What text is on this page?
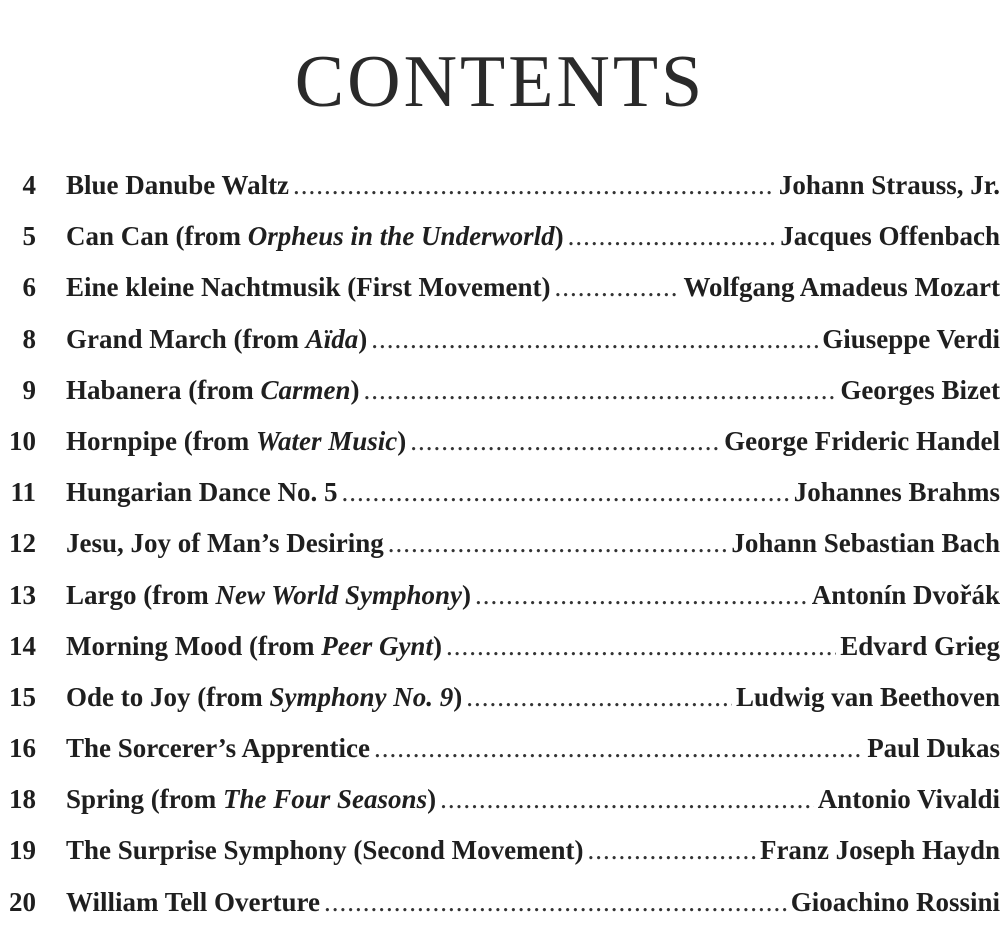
CONTENTS
4 Blue Danube Waltz .....	Johann Strauss, Jr.
5 Can Can (from Orpheus in the Underworld) .....	Jacques Offenbach
6 Eine kleine Nachtmusik (First Movement) .....	Wolfgang Amadeus Mozart
8 Grand March (from Aïda) .....	Giuseppe Verdi
9 Habanera (from Carmen) .....	Georges Bizet
10 Hornpipe (from Water Music) .....	George Frideric Handel
11 Hungarian Dance No. 5 .....	Johannes Brahms
12 Jesu, Joy of Man’s Desiring .....	Johann Sebastian Bach
13 Largo (from New World Symphony) .....	Antonín Dvořák
14 Morning Mood (from Peer Gynt) .....	Edvard Grieg
15 Ode to Joy (from Symphony No. 9) .....	Ludwig van Beethoven
16 The Sorcerer’s Apprentice .....	Paul Dukas
18 Spring (from The Four Seasons) .....	Antonio Vivaldi
19 The Surprise Symphony (Second Movement) .....	Franz Joseph Haydn
20 William Tell Overture .....	Gioachino Rossini
